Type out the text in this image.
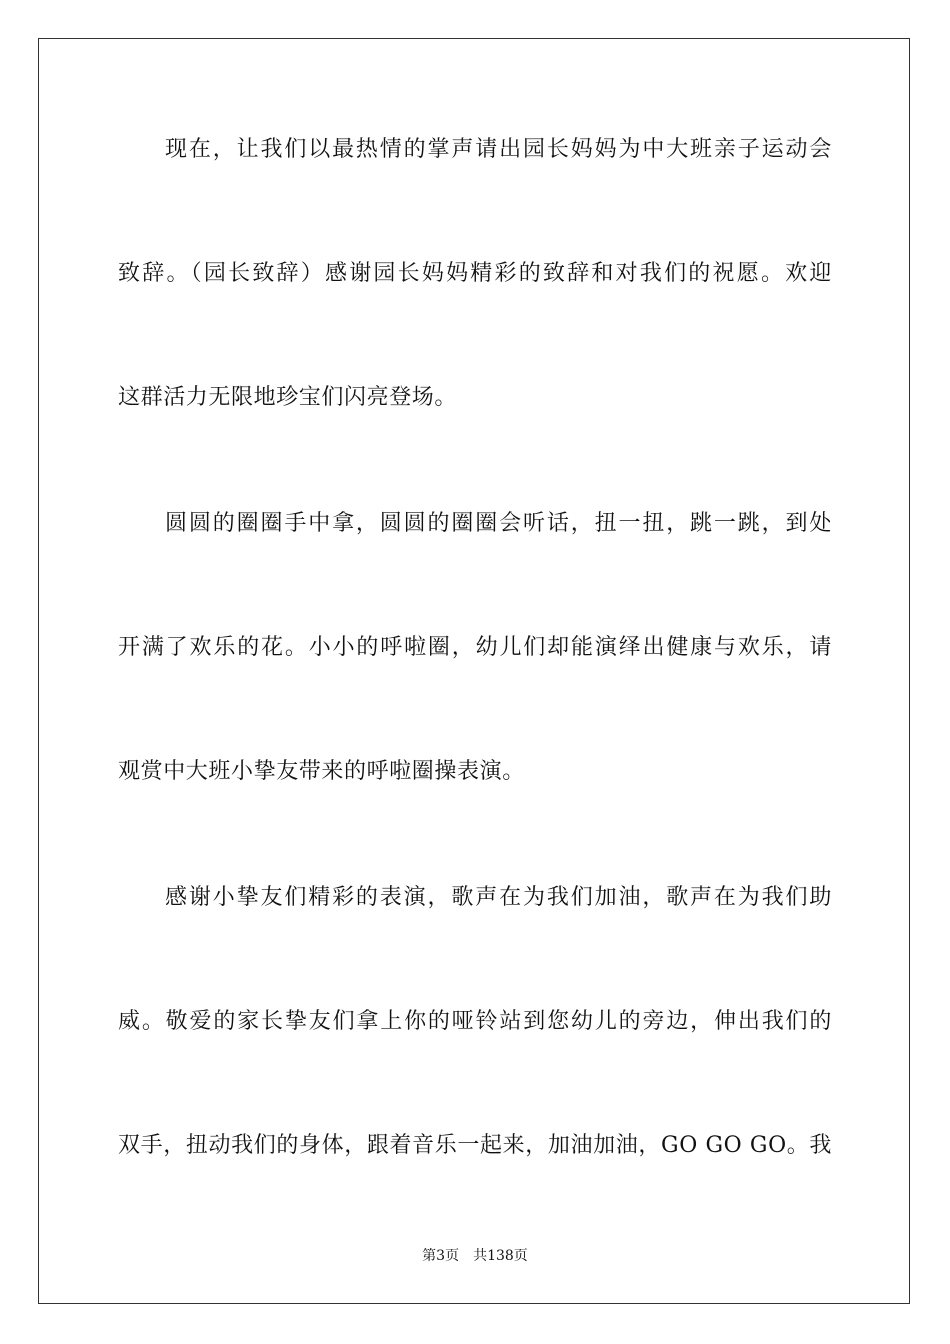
现在，让我们以最热情的掌声请出园长妈妈为中大班亲子运动会
致辞。（园长致辞）感谢园长妈妈精彩的致辞和对我们的祝愿。欢迎
这群活力无限地珍宝们闪亮登场。
圆圆的圈圈手中拿，圆圆的圈圈会听话，扭一扭，跳一跳，到处
开满了欢乐的花。小小的呼啦圈，幼儿们却能演绎出健康与欢乐，请
观赏中大班小挚友带来的呼啦圈操表演。
感谢小挚友们精彩的表演，歌声在为我们加油，歌声在为我们助
威。敬爱的家长挚友们拿上你的哑铃站到您幼儿的旁边，伸出我们的
双手，扭动我们的身体，跟着音乐一起来，加油加油，GO GO GO。我
第3页　共138页
